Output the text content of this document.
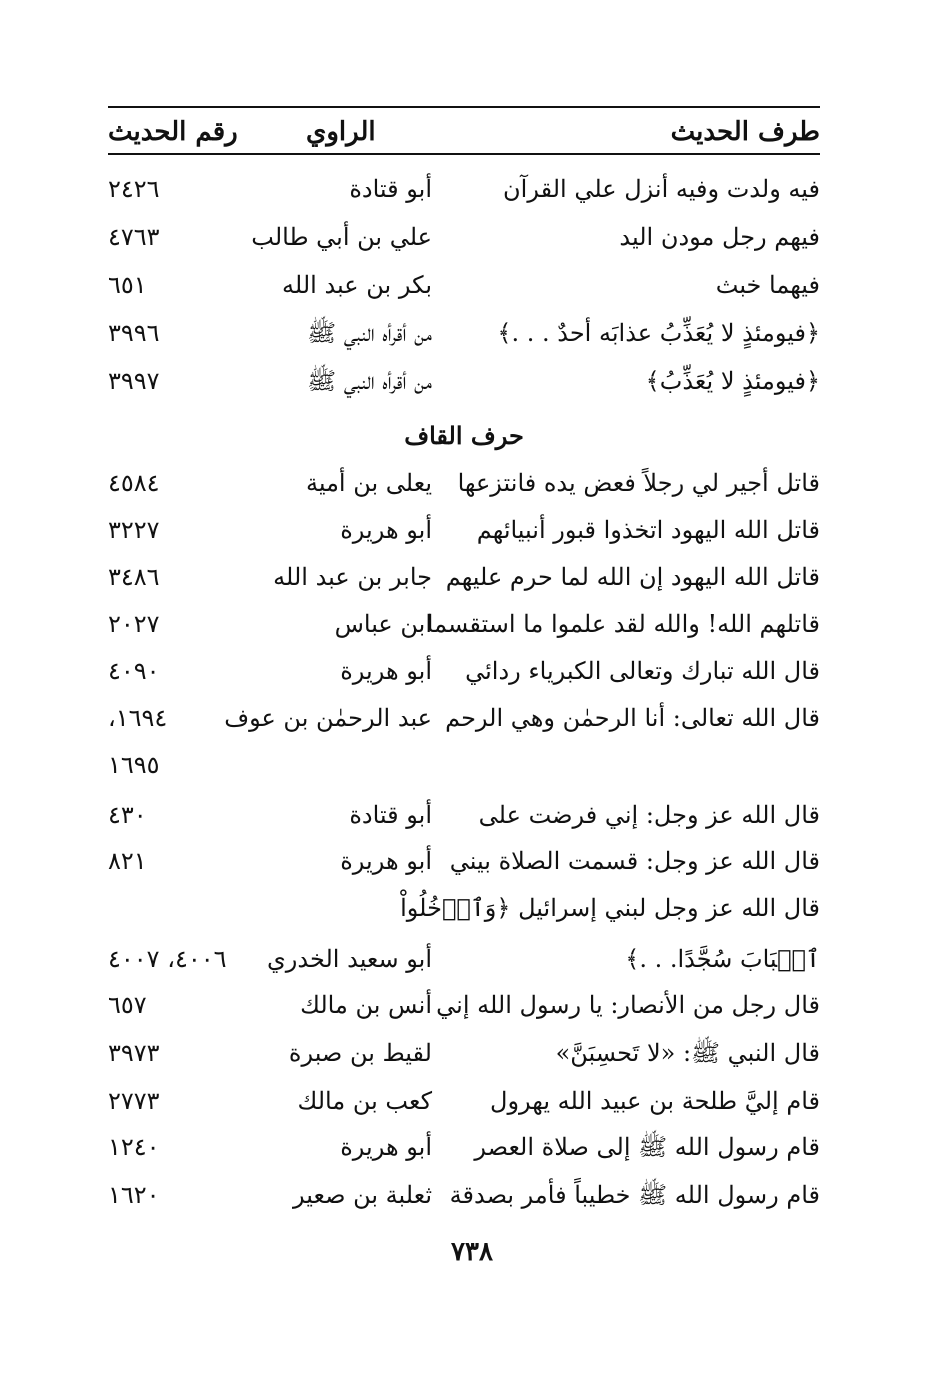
طرف الحديث
الراوي
رقم الحديث
فيه ولدت وفيه أنزل علي القرآن
أبو قتادة
٢٤٢٦
فيهم رجل مودن اليد
علي بن أبي طالب
٤٧٦٣
فيهما خبث
بكر بن عبد الله
٦٥١
﴿فيومئذٍ لا يُعَذِّبُ عذابَه أحدٌ . . .﴾
من أقرأه النبي ﷺ
٣٩٩٦
﴿فيومئذٍ لا يُعَذِّبُ﴾
من أقرأه النبي ﷺ
٣٩٩٧
حرف القاف
قاتل أجير لي رجلاً فعض يده فانتزعها
يعلى بن أمية
٤٥٨٤
قاتل الله اليهود اتخذوا قبور أنبيائهم
أبو هريرة
٣٢٢٧
قاتل الله اليهود إن الله لما حرم عليهم
جابر بن عبد الله
٣٤٨٦
قاتلهم الله! والله لقد علموا ما استقسما
ابن عباس
٢٠٢٧
قال الله تبارك وتعالى الكبرياء ردائي
أبو هريرة
٤٠٩٠
قال الله تعالى: أنا الرحمٰن وهي الرحم
عبد الرحمٰن بن عوف
١٦٩٤،
١٦٩٥
قال الله عز وجل: إني فرضت على
أبو قتادة
٤٣٠
قال الله عز وجل: قسمت الصلاة بيني
أبو هريرة
٨٢١
قال الله عز وجل لبني إسرائيل ﴿وَٱدۡخُلُواْ
ٱلۡبَابَ سُجَّدًا. . .﴾
أبو سعيد الخدري
٤٠٠٦، ٤٠٠٧
قال رجل من الأنصار: يا رسول الله إني
أنس بن مالك
٦٥٧
قال النبي ﷺ: «لا تَحسِبَنَّ»
لقيط بن صبرة
٣٩٧٣
قام إليَّ طلحة بن عبيد الله يهرول
كعب بن مالك
٢٧٧٣
قام رسول الله ﷺ إلى صلاة العصر
أبو هريرة
١٢٤٠
قام رسول الله ﷺ خطيباً فأمر بصدقة
ثعلبة بن صعير
١٦٢٠
٧٣٨
